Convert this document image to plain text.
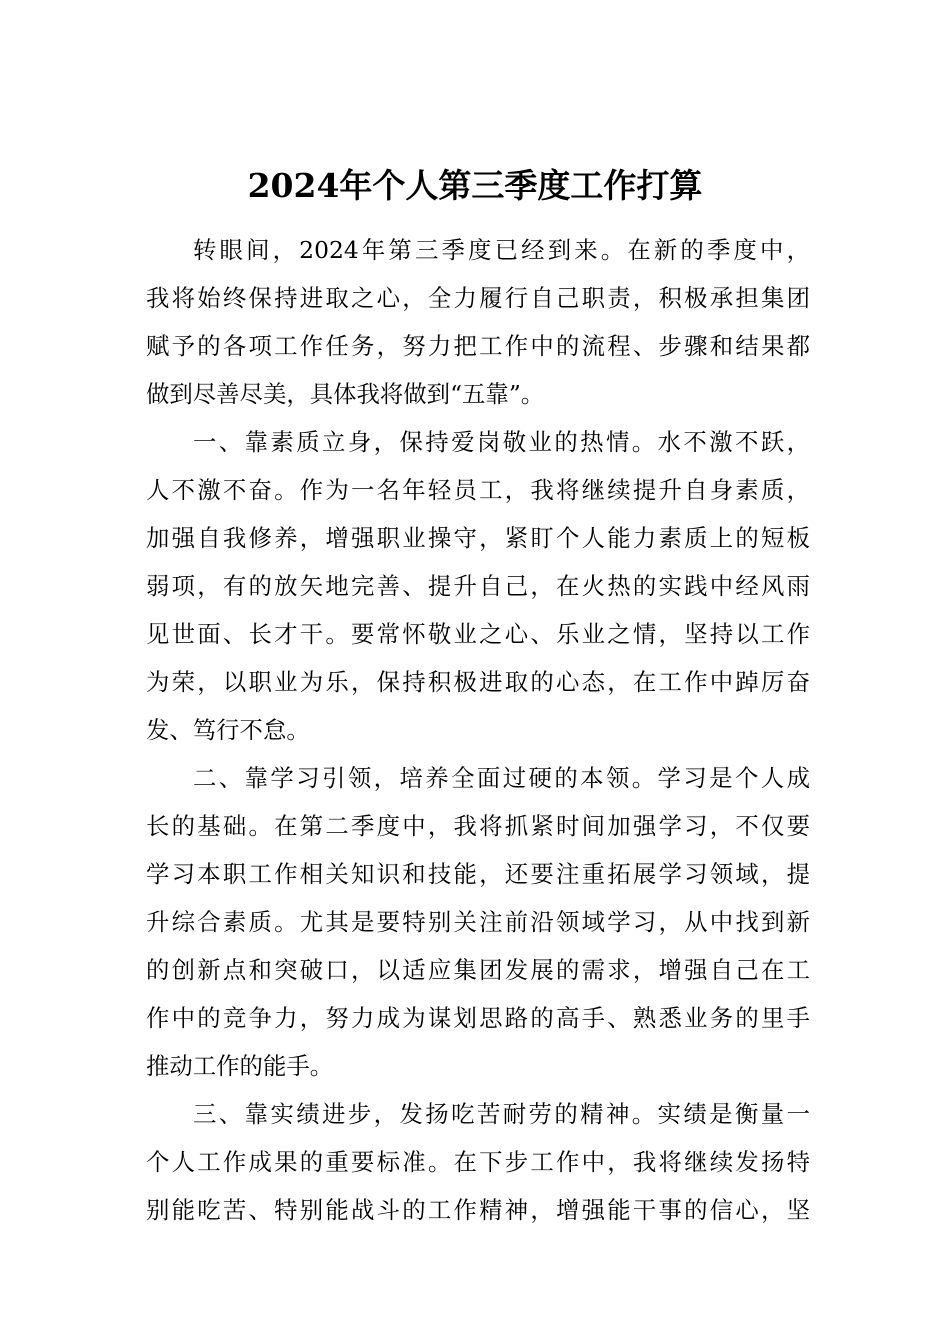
2024年个人第三季度工作打算

转眼间，2024年第三季度已经到来。在新的季度中，

我将始终保持进取之心，全力履行自己职责，积极承担集团

赋予的各项工作任务，努力把工作中的流程、步骤和结果都

做到尽善尽美，具体我将做到“五靠”。

一、靠素质立身，保持爱岗敬业的热情。水不激不跃，

人不激不奋。作为一名年轻员工，我将继续提升自身素质，

加强自我修养，增强职业操守，紧盯个人能力素质上的短板

弱项，有的放矢地完善、提升自己，在火热的实践中经风雨

见世面、长才干。要常怀敬业之心、乐业之情，坚持以工作

为荣，以职业为乐，保持积极进取的心态，在工作中踔厉奋

发、笃行不怠。

二、靠学习引领，培养全面过硬的本领。学习是个人成

长的基础。在第二季度中，我将抓紧时间加强学习，不仅要

学习本职工作相关知识和技能，还要注重拓展学习领域，提

升综合素质。尤其是要特别关注前沿领域学习，从中找到新

的创新点和突破口，以适应集团发展的需求，增强自己在工

作中的竞争力，努力成为谋划思路的高手、熟悉业务的里手

推动工作的能手。

三、靠实绩进步，发扬吃苦耐劳的精神。实绩是衡量一

个人工作成果的重要标准。在下步工作中，我将继续发扬特

别能吃苦、特别能战斗的工作精神，增强能干事的信心，坚
